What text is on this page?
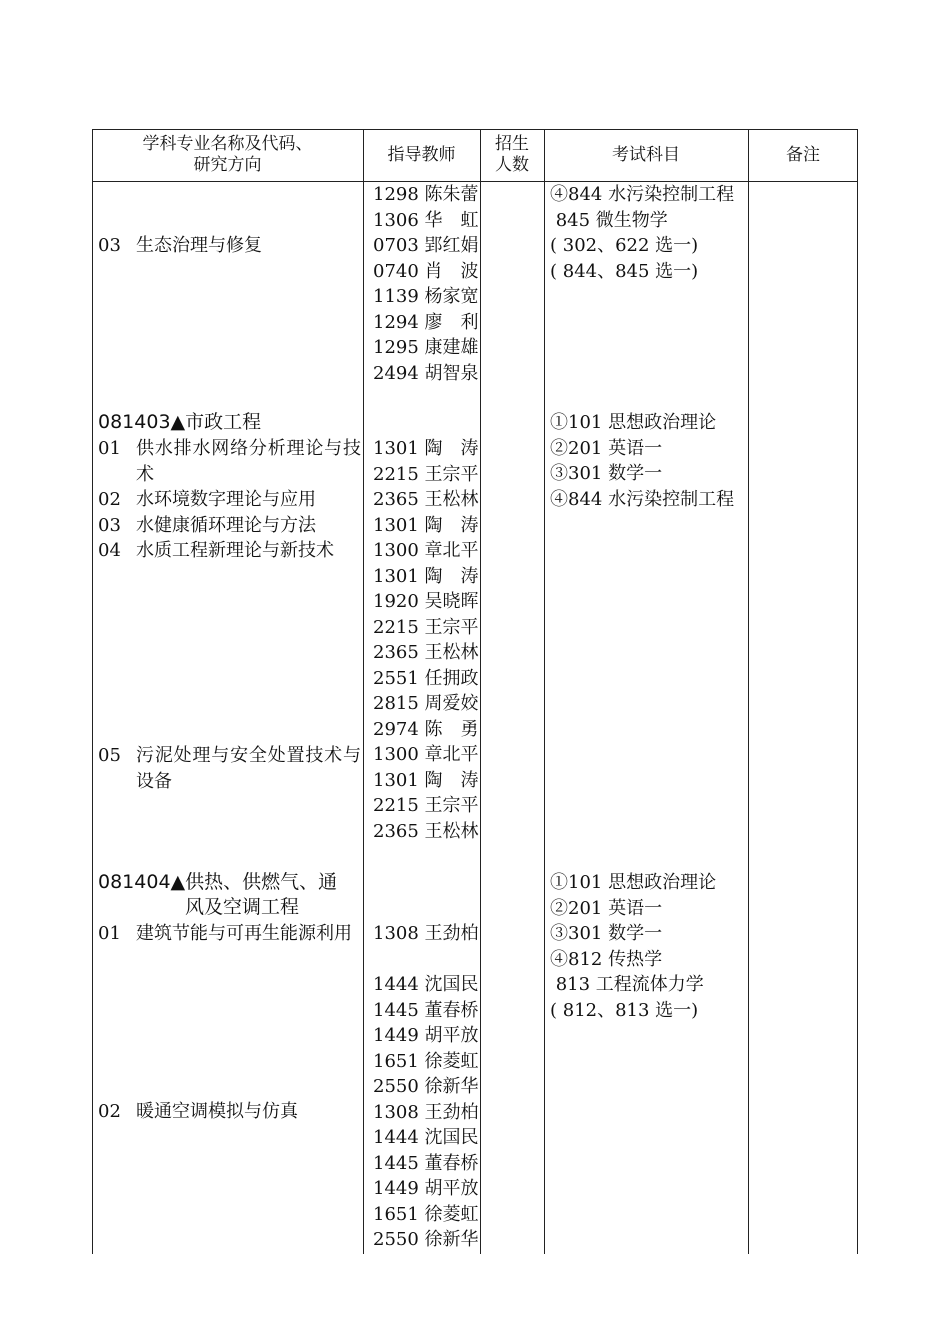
学科专业名称及代码、
研究方向
指导教师
招生
人数
考试科目	备注
03 生态治理与修复
1298 陈朱蕾
1306 华　虹
0703 郢红娟
0740 肖　波
1139 杨家宽
1294 廖　利
1295 康建雄
2494 胡智泉
④844 水污染控制工程
845 微生物学
( 302、622 选一)
( 844、845 选一)
081403▲市政工程
01 供水排水网络分析理论与技术
02 水环境数字理论与应用
03 水健康循环理论与方法
04 水质工程新理论与新技术
05 污泥处理与安全处置技术与设备
1301 陶　涛
2215 王宗平
2365 王松林
1301 陶　涛
1300 章北平
1301 陶　涛
1920 吴晓晖
2215 王宗平
2365 王松林
2551 任拥政
2815 周爱姣
2974 陈　勇
1300 章北平
1301 陶　涛
2215 王宗平
2365 王松林
①101 思想政治理论
②201 英语一
③301 数学一
④844 水污染控制工程
081404▲供热、供燃气、通
风及空调工程
01 建筑节能与可再生能源利用
02 暖通空调模拟与仿真
1308 王劲柏
1444 沈国民
1445 董春桥
1449 胡平放
1651 徐菱虹
2550 徐新华
1308 王劲柏
1444 沈国民
1445 董春桥
1449 胡平放
1651 徐菱虹
2550 徐新华
①101 思想政治理论
②201 英语一
③301 数学一
④812 传热学
813 工程流体力学
( 812、813 选一)
